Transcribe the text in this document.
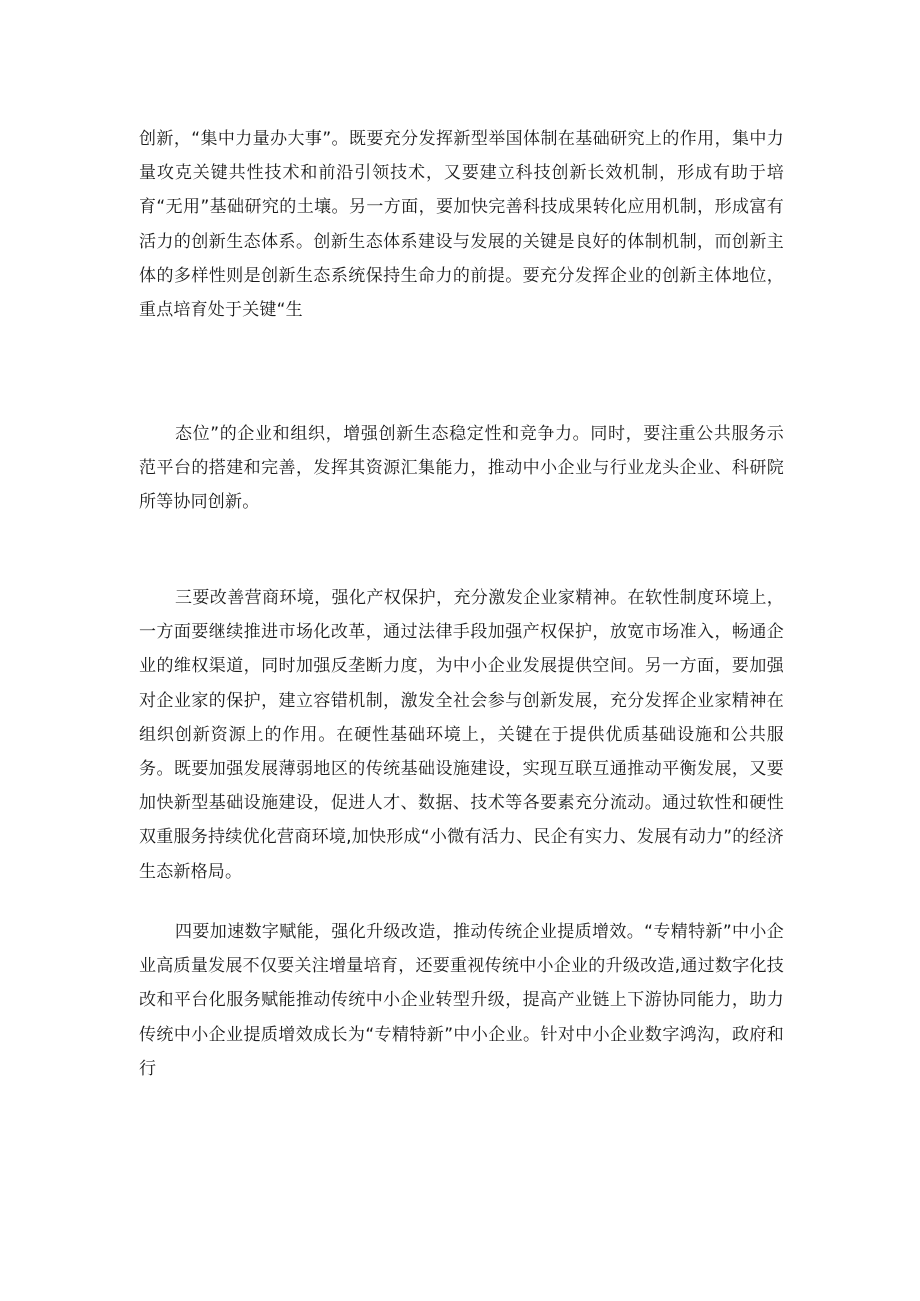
创新，“集中力量办大事”。既要充分发挥新型举国体制在基础研究上的作用，集中力量攻克关键共性技术和前沿引领技术，又要建立科技创新长效机制，形成有助于培育“无用”基础研究的土壤。另一方面，要加快完善科技成果转化应用机制，形成富有活力的创新生态体系。创新生态体系建设与发展的关键是良好的体制机制，而创新主体的多样性则是创新生态系统保持生命力的前提。要充分发挥企业的创新主体地位，重点培育处于关键“生

态位”的企业和组织，增强创新生态稳定性和竞争力。同时，要注重公共服务示范平台的搭建和完善，发挥其资源汇集能力，推动中小企业与行业龙头企业、科研院所等协同创新。

三要改善营商环境，强化产权保护，充分激发企业家精神。在软性制度环境上，一方面要继续推进市场化改革，通过法律手段加强产权保护，放宽市场准入，畅通企业的维权渠道，同时加强反垄断力度，为中小企业发展提供空间。另一方面，要加强对企业家的保护，建立容错机制，激发全社会参与创新发展，充分发挥企业家精神在组织创新资源上的作用。在硬性基础环境上，关键在于提供优质基础设施和公共服务。既要加强发展薄弱地区的传统基础设施建设，实现互联互通推动平衡发展，又要加快新型基础设施建设，促进人才、数据、技术等各要素充分流动。通过软性和硬性双重服务持续优化营商环境,加快形成“小微有活力、民企有实力、发展有动力”的经济生态新格局。

四要加速数字赋能，强化升级改造，推动传统企业提质增效。“专精特新”中小企业高质量发展不仅要关注增量培育，还要重视传统中小企业的升级改造,通过数字化技改和平台化服务赋能推动传统中小企业转型升级，提高产业链上下游协同能力，助力传统中小企业提质增效成长为“专精特新”中小企业。针对中小企业数字鸿沟，政府和行
